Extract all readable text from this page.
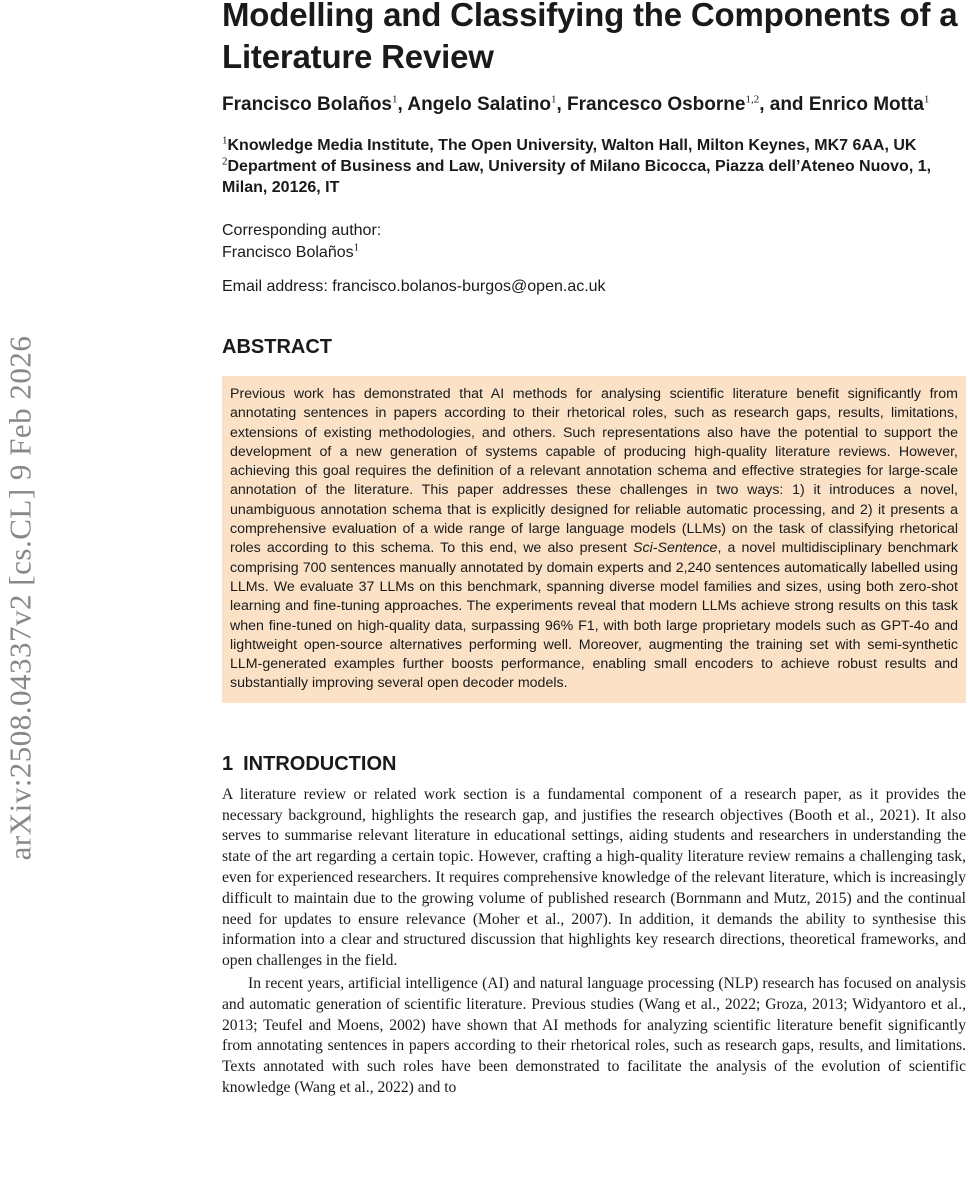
arXiv:2508.04337v2 [cs.CL] 9 Feb 2026
Modelling and Classifying the Components of a Literature Review
Francisco Bolaños$^1$, Angelo Salatino$^1$, Francesco Osborne$^{1,2}$, and Enrico Motta$^1$
$^1$Knowledge Media Institute, The Open University, Walton Hall, Milton Keynes, MK7 6AA, UK
$^2$Department of Business and Law, University of Milano Bicocca, Piazza dell’Ateneo Nuovo, 1, Milan, 20126, IT
Corresponding author:
Francisco Bolaños$^1$
Email address: francisco.bolanos-burgos@open.ac.uk
ABSTRACT
Previous work has demonstrated that AI methods for analysing scientific literature benefit significantly from annotating sentences in papers according to their rhetorical roles, such as research gaps, results, limitations, extensions of existing methodologies, and others. Such representations also have the potential to support the development of a new generation of systems capable of producing high-quality literature reviews. However, achieving this goal requires the definition of a relevant annotation schema and effective strategies for large-scale annotation of the literature. This paper addresses these challenges in two ways: 1) it introduces a novel, unambiguous annotation schema that is explicitly designed for reliable automatic processing, and 2) it presents a comprehensive evaluation of a wide range of large language models (LLMs) on the task of classifying rhetorical roles according to this schema. To this end, we also present Sci-Sentence, a novel multidisciplinary benchmark comprising 700 sentences manually annotated by domain experts and 2,240 sentences automatically labelled using LLMs. We evaluate 37 LLMs on this benchmark, spanning diverse model families and sizes, using both zero-shot learning and fine-tuning approaches. The experiments reveal that modern LLMs achieve strong results on this task when fine-tuned on high-quality data, surpassing 96% F1, with both large proprietary models such as GPT-4o and lightweight open-source alternatives performing well. Moreover, augmenting the training set with semi-synthetic LLM-generated examples further boosts performance, enabling small encoders to achieve robust results and substantially improving several open decoder models.
1 INTRODUCTION

A literature review or related work section is a fundamental component of a research paper, as it provides the necessary background, highlights the research gap, and justifies the research objectives (Booth et al., 2021). It also serves to summarise relevant literature in educational settings, aiding students and researchers in understanding the state of the art regarding a certain topic. However, crafting a high-quality literature review remains a challenging task, even for experienced researchers. It requires comprehensive knowledge of the relevant literature, which is increasingly difficult to maintain due to the growing volume of published research (Bornmann and Mutz, 2015) and the continual need for updates to ensure relevance (Moher et al., 2007). In addition, it demands the ability to synthesise this information into a clear and structured discussion that highlights key research directions, theoretical frameworks, and open challenges in the field.

In recent years, artificial intelligence (AI) and natural language processing (NLP) research has focused on analysis and automatic generation of scientific literature. Previous studies (Wang et al., 2022; Groza, 2013; Widyantoro et al., 2013; Teufel and Moens, 2002) have shown that AI methods for analyzing scientific literature benefit significantly from annotating sentences in papers according to their rhetorical roles, such as research gaps, results, and limitations. Texts annotated with such roles have been demonstrated to facilitate the analysis of the evolution of scientific knowledge (Wang et al., 2022) and to
